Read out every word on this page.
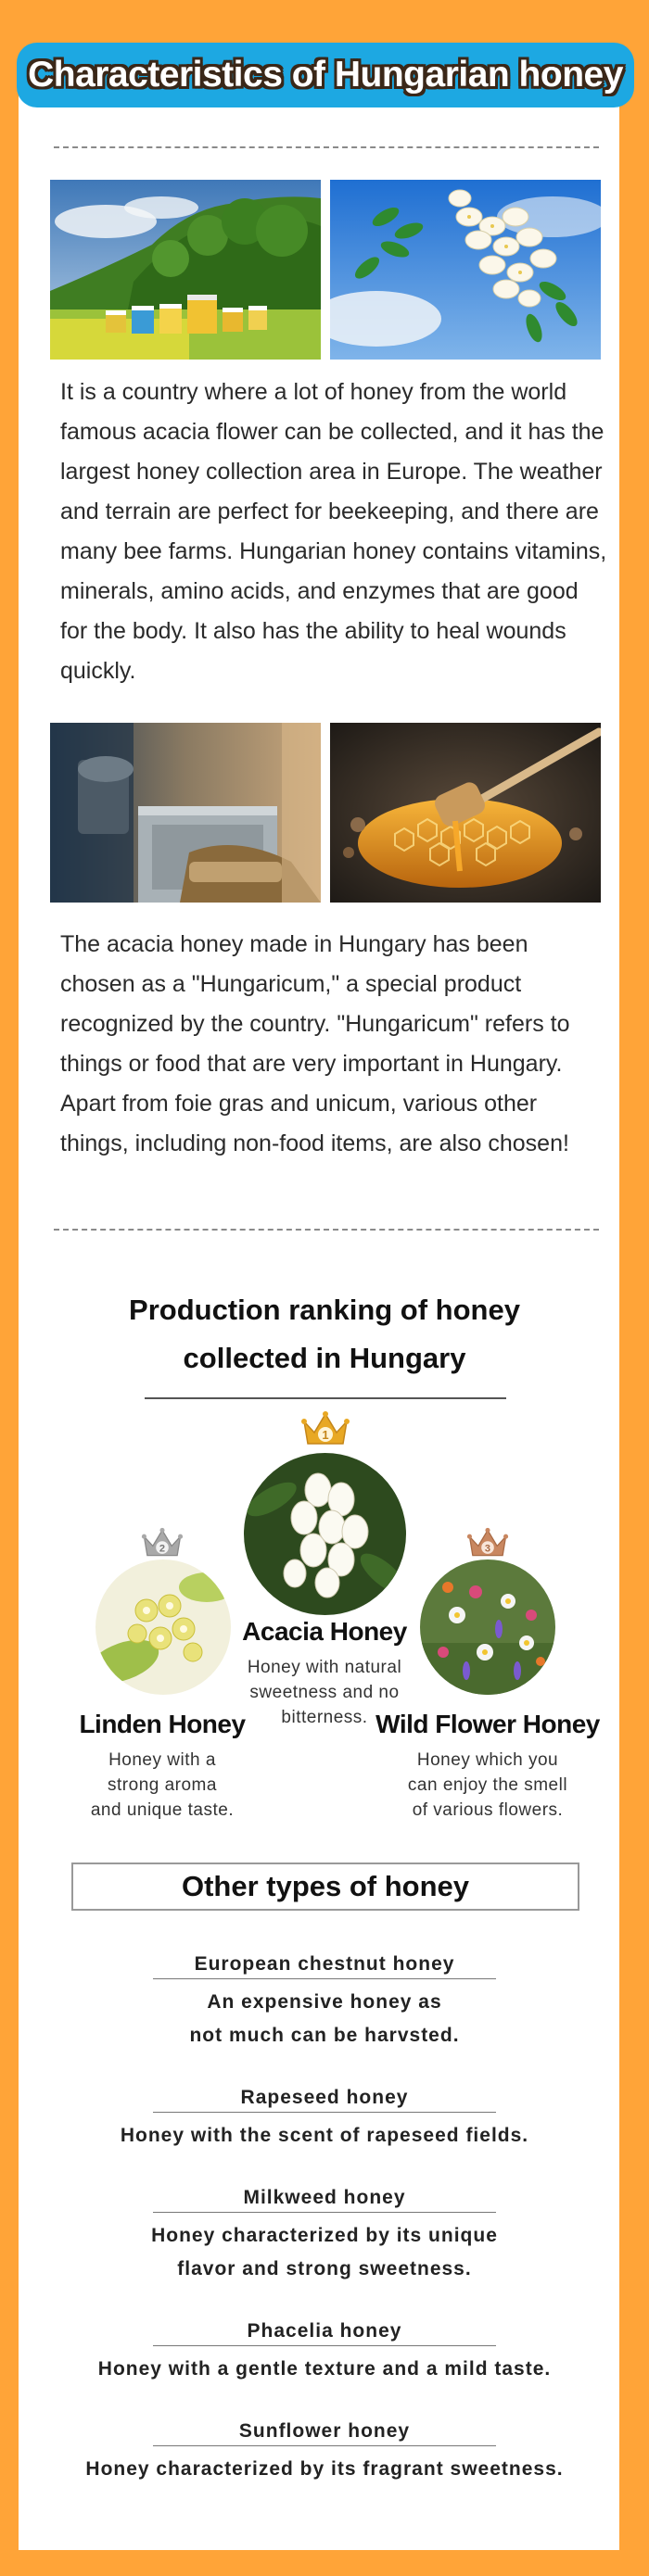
Characteristics of Hungarian honey

It is a country where a lot of honey from the world famous acacia flower can be collected, and it has the largest honey collection area in Europe. The weather and terrain are perfect for beekeeping, and there are many bee farms. Hungarian honey contains vitamins, minerals, amino acids, and enzymes that are good for the body. It also has the ability to heal wounds quickly.

The acacia honey made in Hungary has been chosen as a "Hungaricum," a special product recognized by the country. "Hungaricum" refers to things or food that are very important in Hungary. Apart from foie gras and unicum, various other things, including non-food items, are also chosen!

Production ranking of honey
collected in Hungary
1
Acacia Honey
Honey with natural
sweetness and no
bitterness.
2
Linden Honey
Honey with a
strong aroma
and unique taste.
3
Wild Flower Honey
Honey which you
can enjoy the smell
of various flowers.
Other types of honey
European chestnut honey
An expensive honey as
not much can be harvsted.
Rapeseed honey
Honey with the scent of rapeseed fields.
Milkweed honey
Honey characterized by its unique
flavor and strong sweetness.
Phacelia honey
Honey with a gentle texture and a mild taste.
Sunflower honey
Honey characterized by its fragrant sweetness.
